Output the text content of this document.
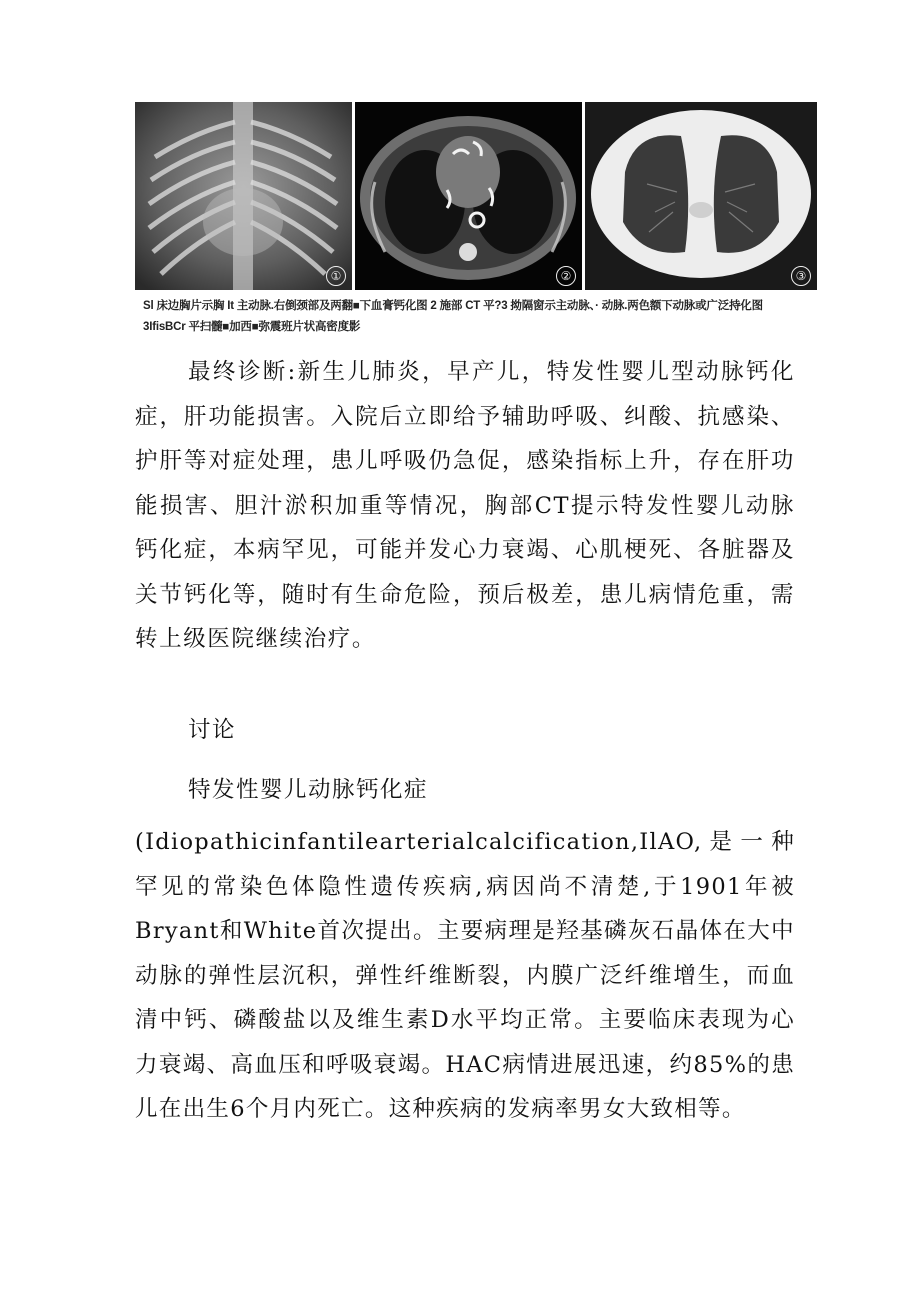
①	②	③
Sl 床边胸片示胸 It 主动脉.右倒颈部及两翻■下血膏钙化图 2 施部 CT 平?3 拗隔窗示主动脉、· 动脉.两色额下动脉或广泛持化图
3IfisBCr 平扫髓■加西■弥震班片状高密度影
最终诊断:新生儿肺炎，早产儿，特发性婴儿型动脉钙化症，肝功能损害。入院后立即给予辅助呼吸、纠酸、抗感染、护肝等对症处理，患儿呼吸仍急促，感染指标上升，存在肝功能损害、胆汁淤积加重等情况，胸部CT提示特发性婴儿动脉钙化症，本病罕见，可能并发心力衰竭、心肌梗死、各脏器及关节钙化等，随时有生命危险，预后极差，患儿病情危重，需转上级医院继续治疗。
讨论
特发性婴儿动脉钙化症
(Idiopathicinfantilearterialcalcification,IlAO,是一种罕见的常染色体隐性遗传疾病,病因尚不清楚,于1901年被Bryant和White首次提出。主要病理是羟基磷灰石晶体在大中动脉的弹性层沉积，弹性纤维断裂，内膜广泛纤维增生，而血清中钙、磷酸盐以及维生素D水平均正常。主要临床表现为心力衰竭、高血压和呼吸衰竭。HAC病情进展迅速，约85%的患儿在出生6个月内死亡。这种疾病的发病率男女大致相等。
